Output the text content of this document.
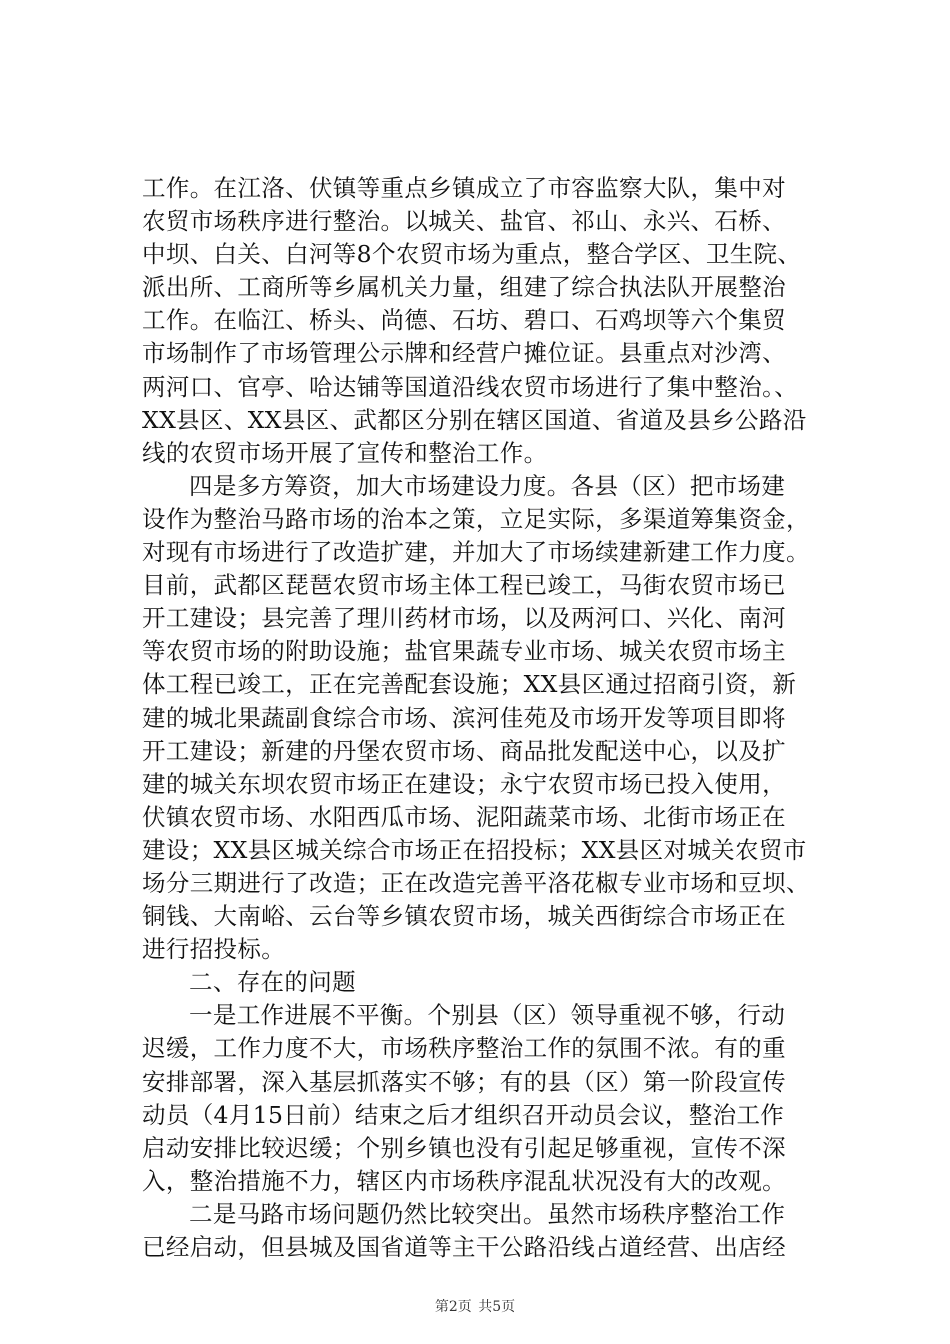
工作。在江洛、伏镇等重点乡镇成立了市容监察大队，集中对
农贸市场秩序进行整治。以城关、盐官、祁山、永兴、石桥、
中坝、白关、白河等8个农贸市场为重点，整合学区、卫生院、
派出所、工商所等乡属机关力量，组建了综合执法队开展整治
工作。在临江、桥头、尚德、石坊、碧口、石鸡坝等六个集贸
市场制作了市场管理公示牌和经营户摊位证。县重点对沙湾、
两河口、官亭、哈达铺等国道沿线农贸市场进行了集中整治。、
XX县区、XX县区、武都区分别在辖区国道、省道及县乡公路沿
线的农贸市场开展了宣传和整治工作。
四是多方筹资，加大市场建设力度。各县（区）把市场建
设作为整治马路市场的治本之策，立足实际，多渠道筹集资金，
对现有市场进行了改造扩建，并加大了市场续建新建工作力度。
目前，武都区琵琶农贸市场主体工程已竣工，马街农贸市场已
开工建设；县完善了理川药材市场，以及两河口、兴化、南河
等农贸市场的附助设施；盐官果蔬专业市场、城关农贸市场主
体工程已竣工，正在完善配套设施；XX县区通过招商引资，新
建的城北果蔬副食综合市场、滨河佳苑及市场开发等项目即将
开工建设；新建的丹堡农贸市场、商品批发配送中心，以及扩
建的城关东坝农贸市场正在建设；永宁农贸市场已投入使用，
伏镇农贸市场、水阳西瓜市场、泥阳蔬菜市场、北街市场正在
建设；XX县区城关综合市场正在招投标；XX县区对城关农贸市
场分三期进行了改造；正在改造完善平洛花椒专业市场和豆坝、
铜钱、大南峪、云台等乡镇农贸市场，城关西街综合市场正在
进行招投标。
二、存在的问题
一是工作进展不平衡。个别县（区）领导重视不够，行动
迟缓，工作力度不大，市场秩序整治工作的氛围不浓。有的重
安排部署，深入基层抓落实不够；有的县（区）第一阶段宣传
动员（4月15日前）结束之后才组织召开动员会议，整治工作
启动安排比较迟缓；个别乡镇也没有引起足够重视，宣传不深
入，整治措施不力，辖区内市场秩序混乱状况没有大的改观。
二是马路市场问题仍然比较突出。虽然市场秩序整治工作
已经启动，但县城及国省道等主干公路沿线占道经营、出店经
第2页 共5页
